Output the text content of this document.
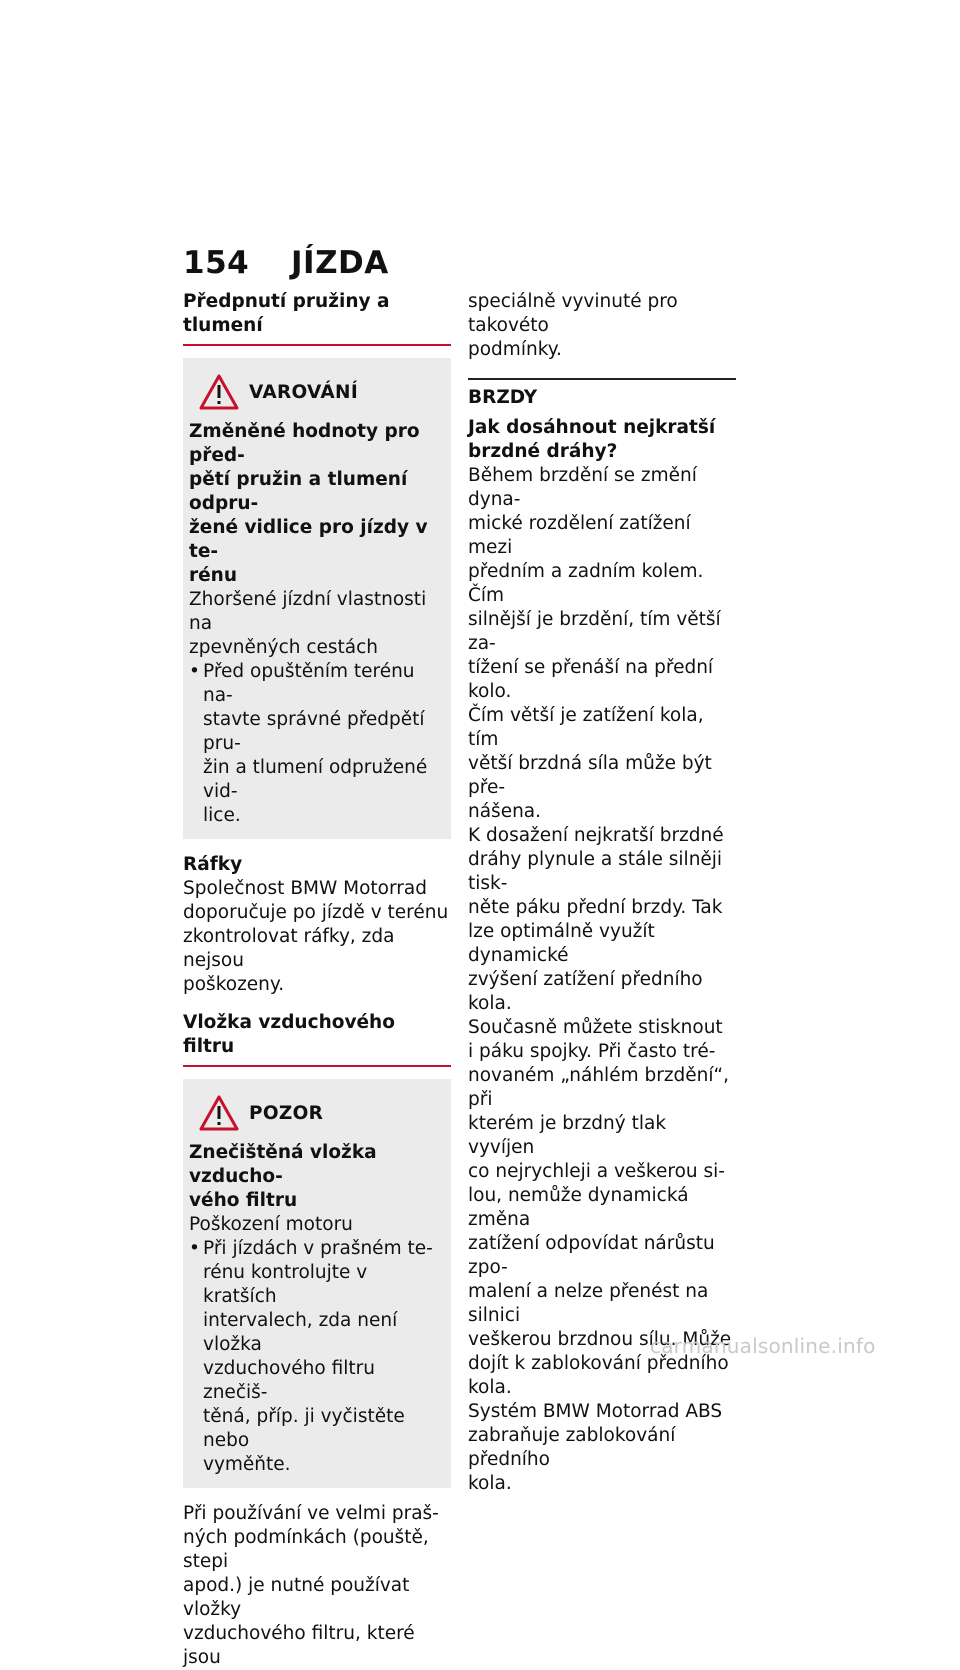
154 JÍZDA
Předpnutí pružiny a tlumení
VAROVÁNÍ
Změněné hodnoty pro před-
pětí pružin a tlumení odpru-
žené vidlice pro jízdy v te-
rénu
Zhoršené jízdní vlastnosti na
zpevněných cestách
• Před opuštěním terénu na-
stavte správné předpětí pru-
žin a tlumení odpružené vid-
lice.
Ráfky
Společnost BMW Motorrad
doporučuje po jízdě v terénu
zkontrolovat ráfky, zda nejsou
poškozeny.
Vložka vzduchového filtru
POZOR
Znečištěná vložka vzducho-
vého filtru
Poškození motoru
• Při jízdách v prašném te-
rénu kontrolujte v kratších
intervalech, zda není vložka
vzduchového filtru znečiš-
těná, příp. ji vyčistěte nebo
vyměňte.
Při používání ve velmi praš-
ných podmínkách (pouště, stepi
apod.) je nutné používat vložky
vzduchového filtru, které jsou
speciálně vyvinuté pro takovéto
podmínky.
BRZDY
Jak dosáhnout nejkratší
brzdné dráhy?
Během brzdění se změní dyna-
mické rozdělení zatížení mezi
předním a zadním kolem. Čím
silnější je brzdění, tím větší za-
tížení se přenáší na přední kolo.
Čím větší je zatížení kola, tím
větší brzdná síla může být pře-
nášena.
K dosažení nejkratší brzdné
dráhy plynule a stále silněji tisk-
něte páku přední brzdy. Tak
lze optimálně využít dynamické
zvýšení zatížení předního kola.
Současně můžete stisknout
i páku spojky. Při často tré-
novaném „náhlém brzdění“, při
kterém je brzdný tlak vyvíjen
co nejrychleji a veškerou si-
lou, nemůže dynamická změna
zatížení odpovídat nárůstu zpo-
malení a nelze přenést na silnici
veškerou brzdnou sílu. Může
dojít k zablokování předního
kola.
Systém BMW Motorrad ABS
zabraňuje zablokování předního
kola.
carmanualsonline.info
